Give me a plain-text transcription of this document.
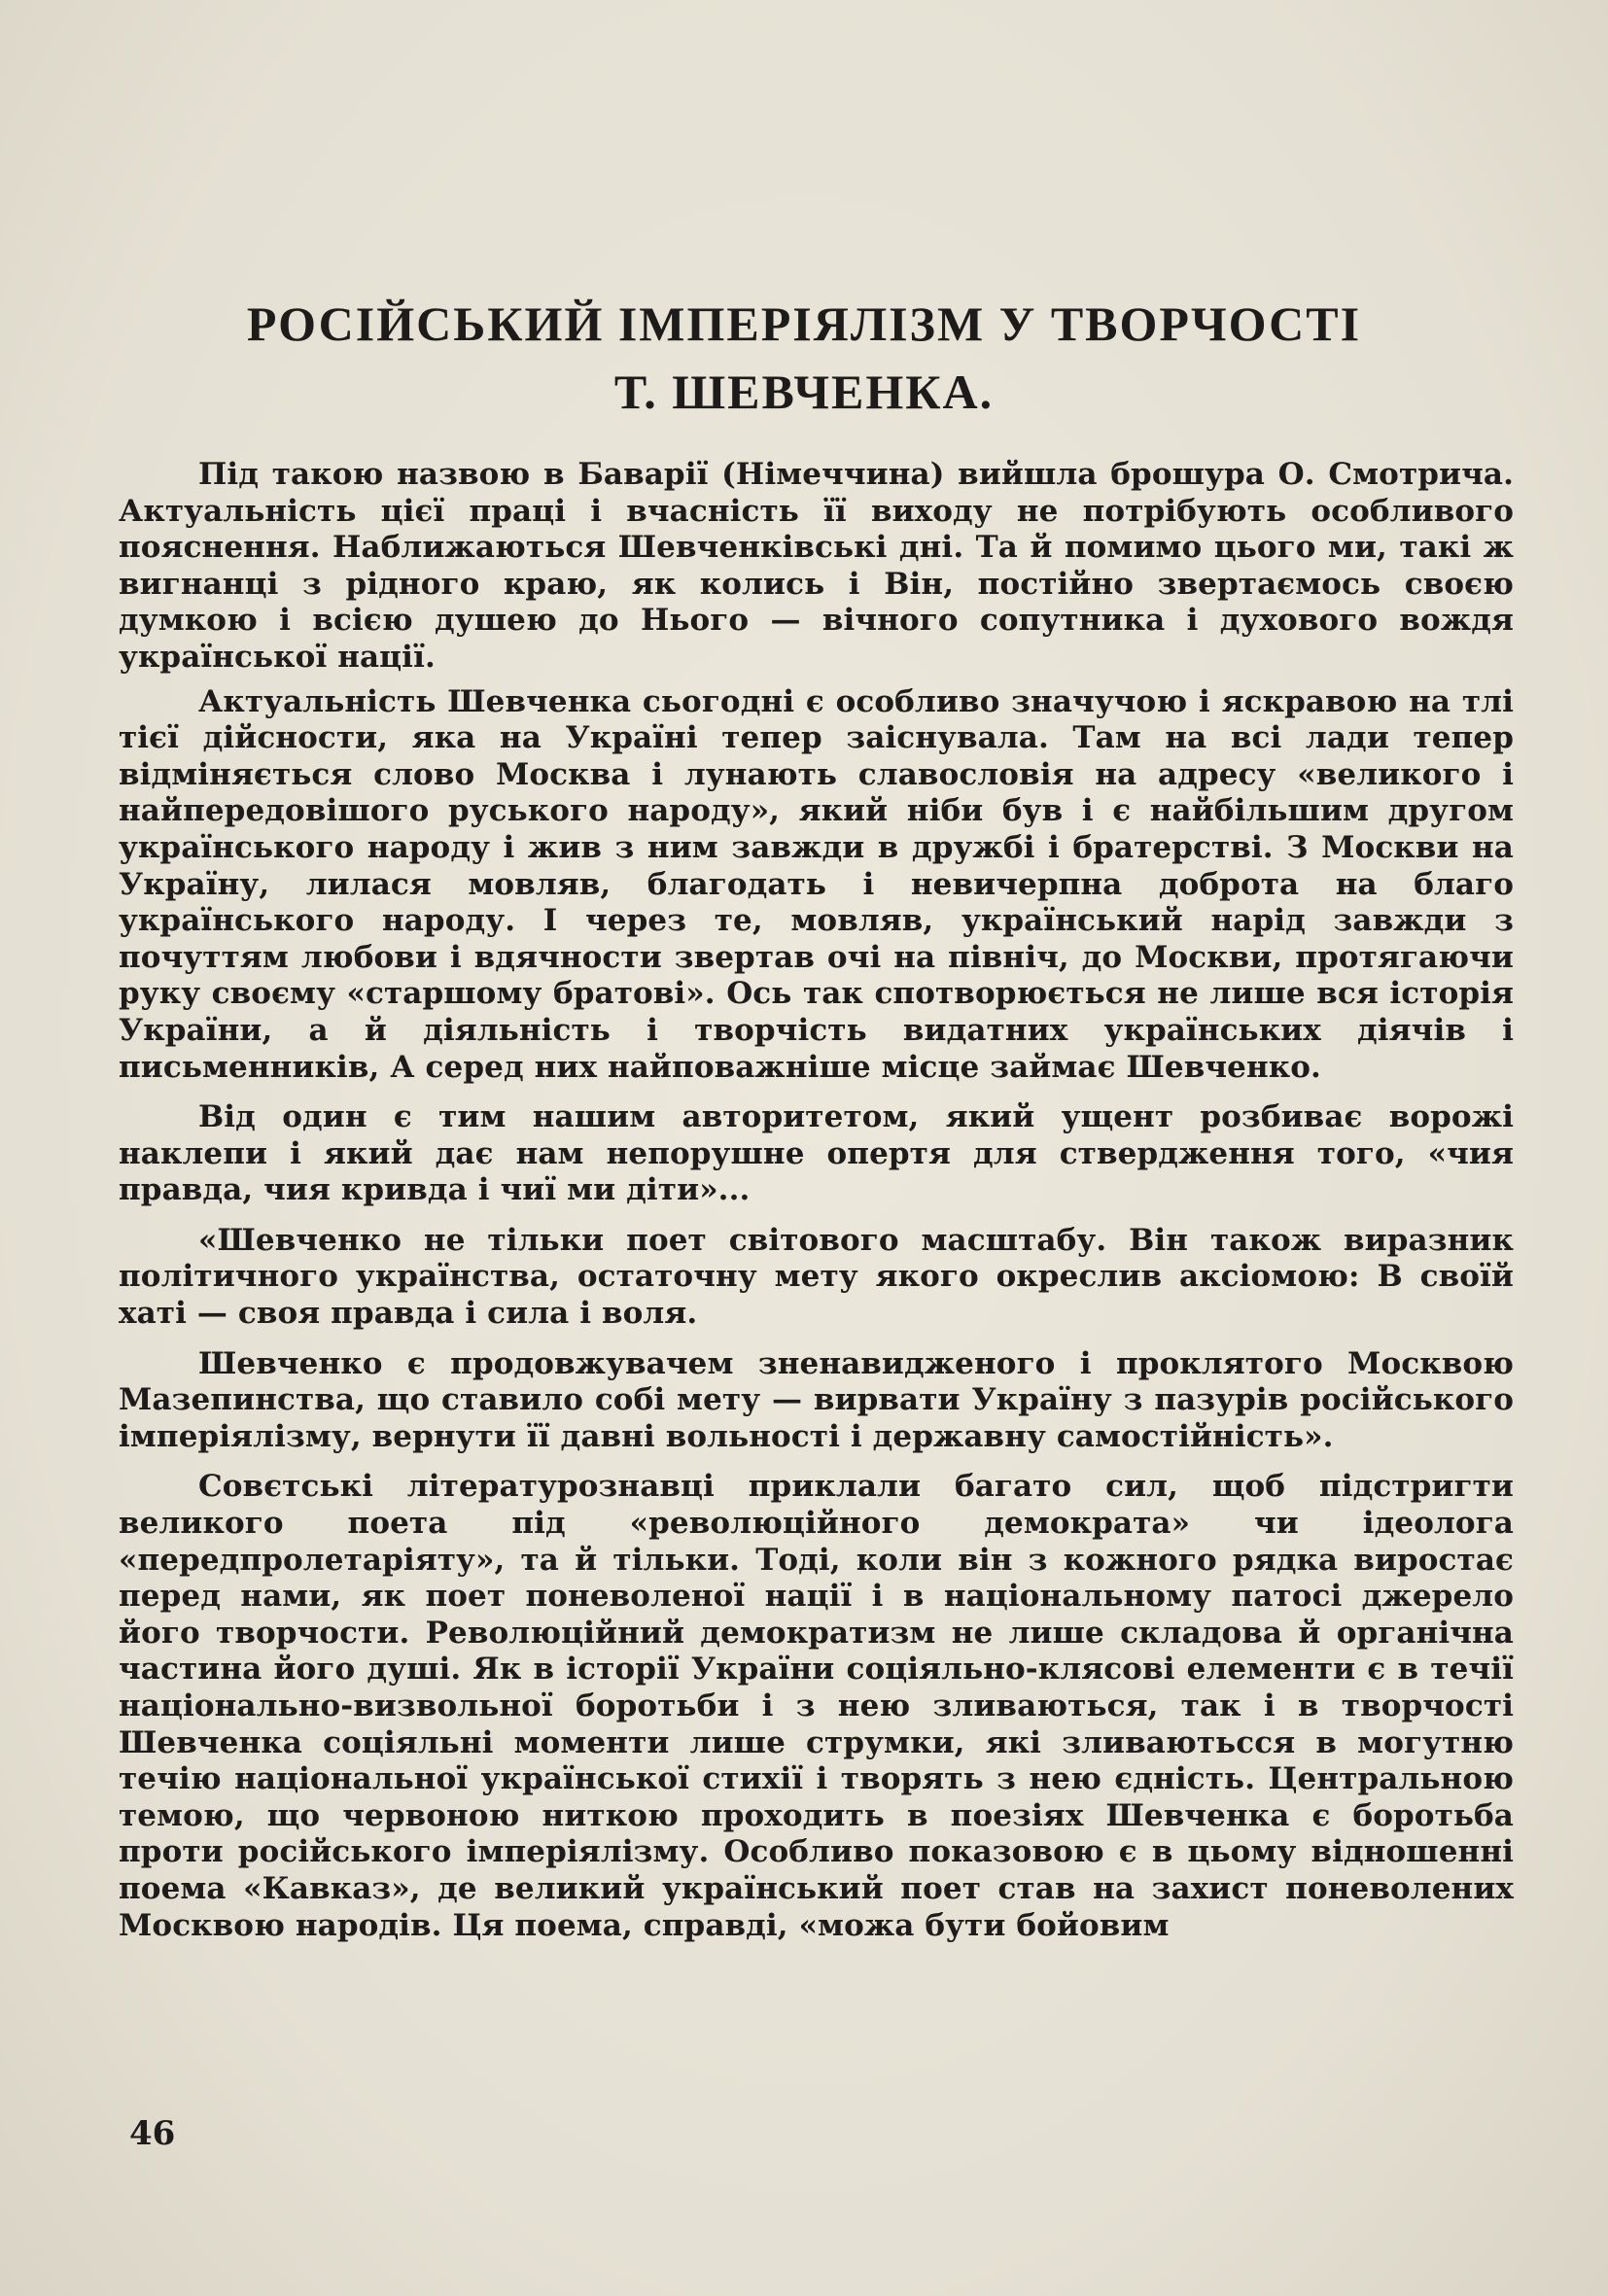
РОСІЙСЬКИЙ ІМПЕРІЯЛІЗМ У ТВОРЧОСТІ
Т. ШЕВЧЕНКА.

Під такою назвою в Баварії (Німеччина) вийшла брошура О. Смотрича. Актуальність цієї праці і вчасність її виходу не потрібують особливого пояснення. Наближаються Шевченківські дні. Та й помимо цього ми, такі ж вигнанці з рідного краю, як колись і Він, постійно звертаємось своєю думкою і всією душею до Нього — вічного сопутника і духового вождя української нації.

Актуальність Шевченка сьогодні є особливо значучою і яскравою на тлі тієї дійсности, яка на Україні тепер заіснувала. Там на всі лади тепер відміняється слово Москва і лунають славословія на адресу «великого і найпередовішого руського народу», який ніби був і є найбільшим другом українського народу і жив з ним завжди в дружбі і братерстві. З Москви на Україну, лилася мовляв, благодать і невичерпна доброта на благо українського народу. І через те, мовляв, український нарід завжди з почуттям любови і вдячности звертав очі на північ, до Москви, протягаючи руку своєму «старшому братові». Ось так спотворюється не лише вся історія України, а й діяльність і творчість видатних українських діячів і письменників, А серед них найповажніше місце займає Шевченко.

Від один є тим нашим авторитетом, який ущент розбиває ворожі наклепи і який дає нам непорушне опертя для ствердження того, «чия правда, чия кривда і чиї ми діти»...

«Шевченко не тільки поет світового масштабу. Він також виразник політичного українства, остаточну мету якого окреслив аксіомою: В своїй хаті — своя правда і сила і воля.

Шевченко є продовжувачем зненавидженого і проклятого Москвою Мазепинства, що ставило собі мету — вирвати Україну з пазурів російського імперіялізму, вернути її давні вольності і державну самостійність».

Совєтські літературознавці приклали багато сил, щоб підстригти великого поета під «революційного демократа» чи ідеолога «передпролетаріяту», та й тільки. Тоді, коли він з кожного рядка виростає перед нами, як поет поневоленої нації і в національному патосі джерело його творчости. Революційний демократизм не лише складова й органічна частина його душі. Як в історії України соціяльно-клясові елементи є в течії національно-визвольної боротьби і з нею зливаються, так і в творчості Шевченка соціяльні моменти лише струмки, які зливаютьсся в могутню течію національної української стихії і творять з нею єдність. Центральною темою, що червоною ниткою проходить в поезіях Шевченка є боротьба проти російського імперіялізму. Особливо показовою є в цьому відношенні поема «Кавказ», де великий український поет став на захист поневолених Москвою народів. Ця поема, справді, «можа бути бойовим

46
